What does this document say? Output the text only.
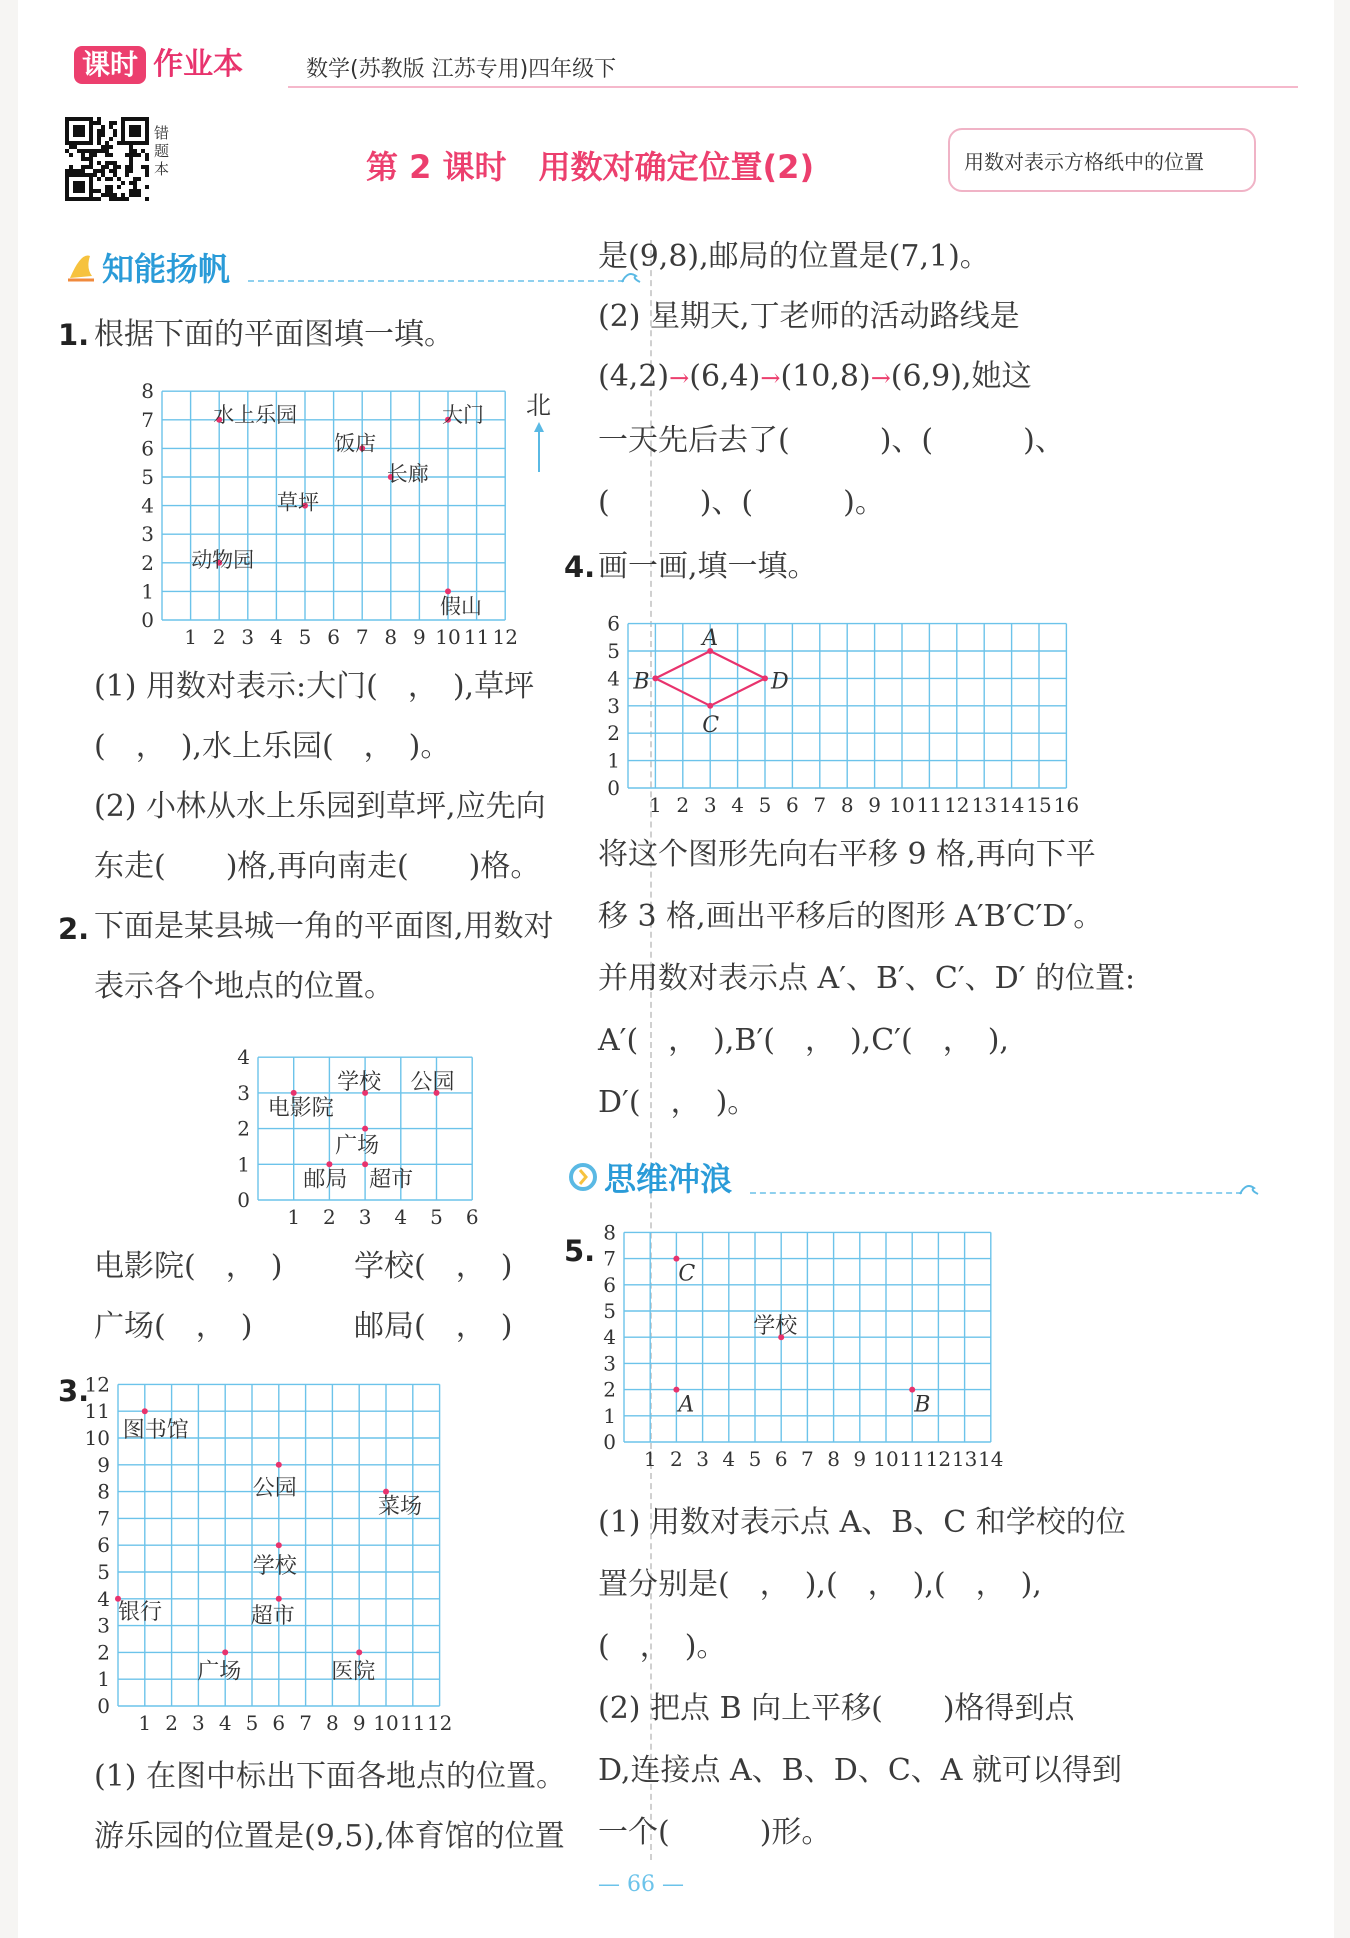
课时 作业本	数学(苏教版 江苏专用)四年级下
错题本	第 2 课时　用数对确定位置(2)	用数对表示方格纸中的位置
知能扬帆
1. 根据下面的平面图填一填。
1 2 3 4 5 6 7 8 9 10 11 12
0
1
2
3
4
5
6
7
8
水上乐园	大门
饭店
长廊
草坪
动物园
假山
北
(1) 用数对表示:大门(　，　),草坪
(　，　),水上乐园(　，　)。
(2) 小林从水上乐园到草坪,应先向
东走(　　)格,再向南走(　　)格。
2. 下面是某县城一角的平面图,用数对
表示各个地点的位置。
1 2 3 4 5 6
0
1
2
3
4
电影院
学校 公园
广场
邮局 超市
电影院(　，　) 学校(　，　)
广场(　，　)	邮局(　，　)
3.
1 2 3 4 5 6 7 8 9 10 11 12
0
1
2
3
4
5
6
7
8
9
10
11
12
图书馆
公园
菜场
学校
银行	超市
广场	医院
(1) 在图中标出下面各地点的位置。
游乐园的位置是(9,5),体育馆的位置
是(9,8),邮局的位置是(7,1)。
(2) 星期天,丁老师的活动路线是
(4,2)→(6,4)→(10,8)→(6,9),她这
一天先后去了(　　　)、(　　　)、
(　　　)、(　　　)。
4. 画一画,填一填。
1 2 3 4 5 6 7 8 9 10 11 12 13 14 15 16
0
1
2
3
4
5
6
A
B
C
D
将这个图形先向右平移 9 格,再向下平
移 3 格,画出平移后的图形 A′B′C′D′。
并用数对表示点 A′、B′、C′、D′ 的位置:
A′(　，　),B′(　，　),C′(　，　),
D′(　，　)。
思维冲浪
5.
1 2 3 4 5 6 7 8 9 10 11 12 13 14
0
1
2
3
4
5
6
7
8
C
学校
A	B
(1) 用数对表示点 A、B、C 和学校的位
置分别是(　，　),(　，　),(　，　),
(　，　)。
(2) 把点 B 向上平移(　　)格得到点
D,连接点 A、B、D、C、A 就可以得到
一个(　　　)形。
— 66 —
